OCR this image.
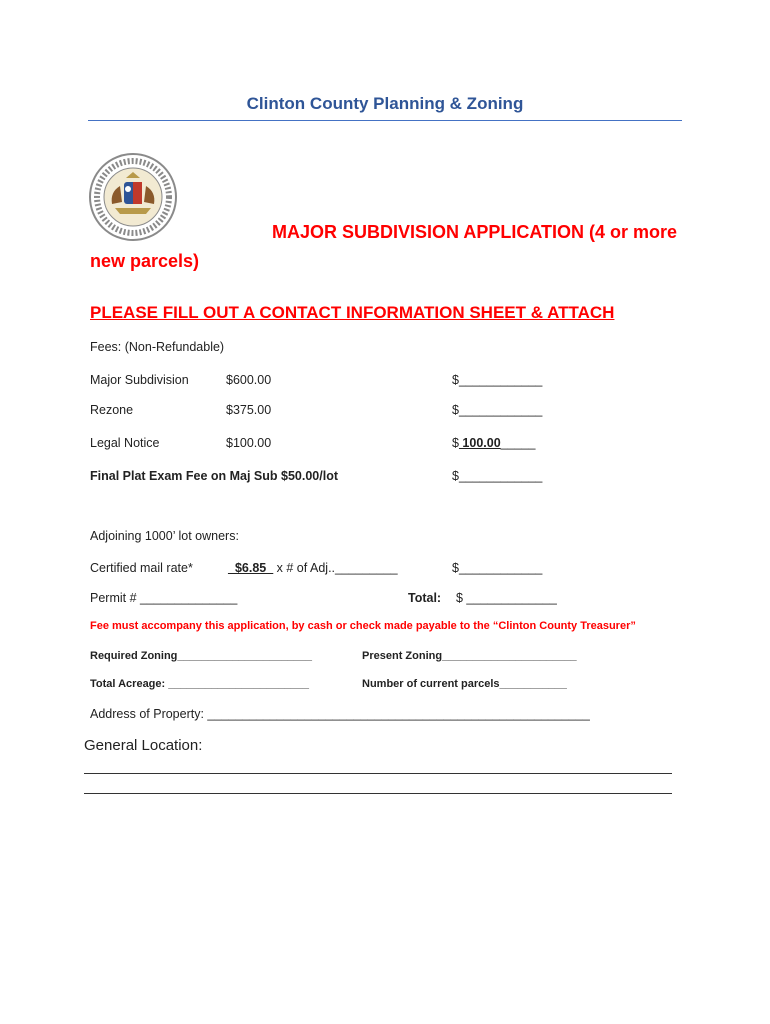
Clinton County Planning & Zoning
MAJOR SUBDIVISION APPLICATION (4 or more
new parcels)
PLEASE FILL OUT A CONTACT INFORMATION SHEET & ATTACH
Fees: (Non-Refundable)
Major Subdivision	$600.00	$____________
Rezone	$375.00	$____________
Legal Notice	$100.00	$ 100.00_____
Final Plat Exam Fee on Maj Sub $50.00/lot	$____________
Adjoining 1000’ lot owners:
Certified mail rate*	_$6.85_ x # of Adj.._________	$____________
Permit # ______________	Total: $ _____________
Fee must accompany this application, by cash or check made payable to the “Clinton County Treasurer”
Required Zoning______________________	Present Zoning______________________
Total Acreage: _______________________	Number of current parcels___________
Address of Property: _______________________________________________________
General Location:
